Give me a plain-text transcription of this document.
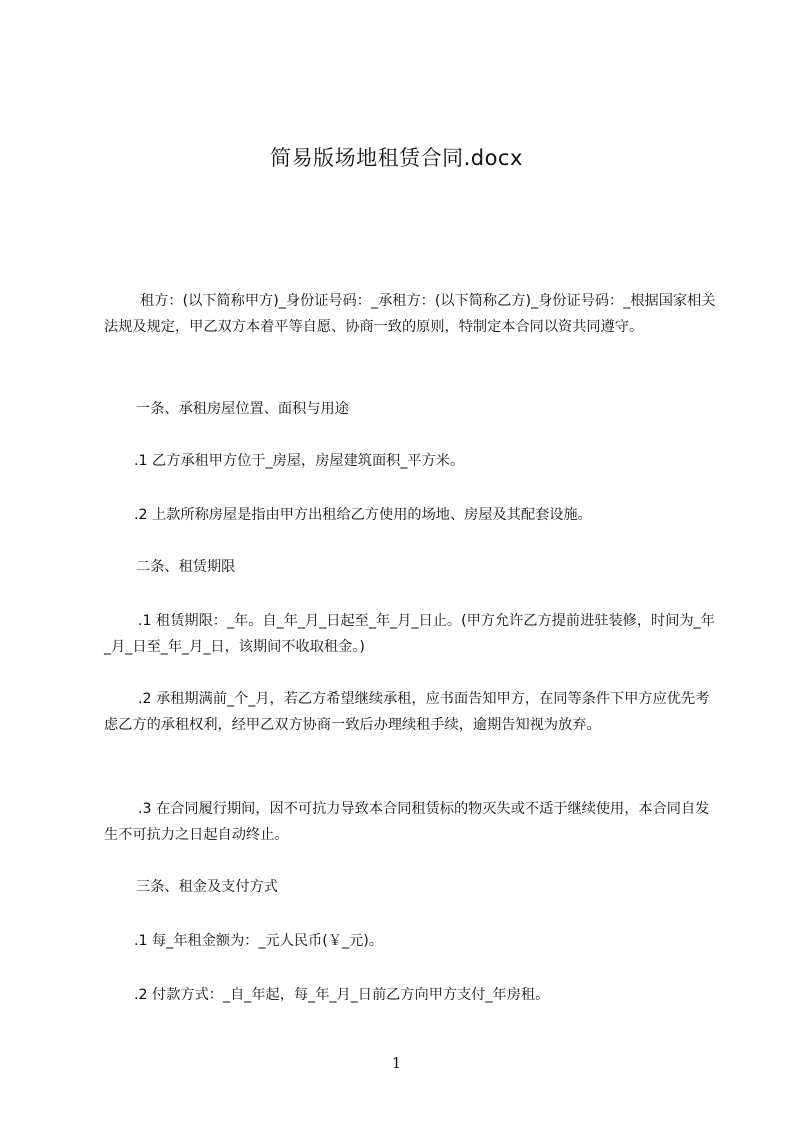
简易版场地租赁合同.docx

租方：(以下简称甲方)_身份证号码：_承租方：(以下简称乙方)_身份证号码：_根据国家相关法规及规定，甲乙双方本着平等自愿、协商一致的原则，特制定本合同以资共同遵守。

一条、承租房屋位置、面积与用途

.1 乙方承租甲方位于_房屋，房屋建筑面积_平方米。

.2 上款所称房屋是指由甲方出租给乙方使用的场地、房屋及其配套设施。

二条、租赁期限

.1 租赁期限：_年。自_年_月_日起至_年_月_日止。(甲方允许乙方提前进驻装修，时间为_年_月_日至_年_月_日，该期间不收取租金。)

.2 承租期满前_个_月，若乙方希望继续承租，应书面告知甲方，在同等条件下甲方应优先考虑乙方的承租权利，经甲乙双方协商一致后办理续租手续，逾期告知视为放弃。

.3 在合同履行期间，因不可抗力导致本合同租赁标的物灭失或不适于继续使用，本合同自发生不可抗力之日起自动终止。

三条、租金及支付方式

.1 每_年租金额为：_元人民币(￥_元)。

.2 付款方式：_自_年起，每_年_月_日前乙方向甲方支付_年房租。

1
